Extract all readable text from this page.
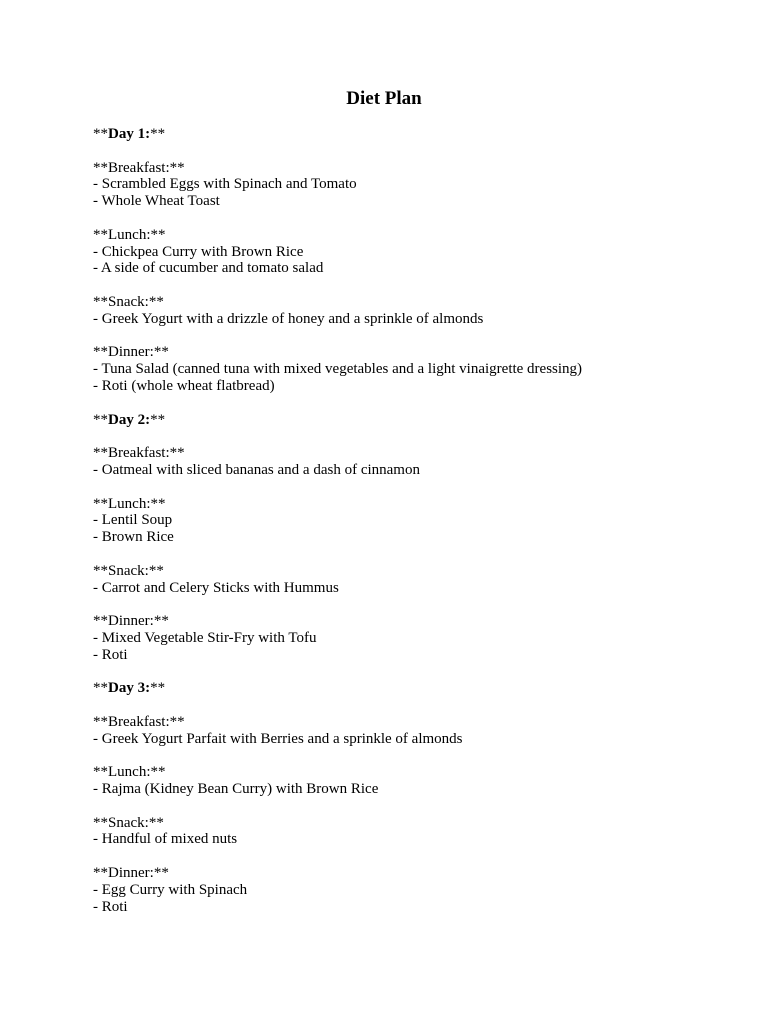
Diet Plan
**Day 1:**
**Breakfast:**
- Scrambled Eggs with Spinach and Tomato
- Whole Wheat Toast
**Lunch:**
- Chickpea Curry with Brown Rice
- A side of cucumber and tomato salad
**Snack:**
- Greek Yogurt with a drizzle of honey and a sprinkle of almonds
**Dinner:**
- Tuna Salad (canned tuna with mixed vegetables and a light vinaigrette dressing)
- Roti (whole wheat flatbread)
**Day 2:**
**Breakfast:**
- Oatmeal with sliced bananas and a dash of cinnamon
**Lunch:**
- Lentil Soup
- Brown Rice
**Snack:**
- Carrot and Celery Sticks with Hummus
**Dinner:**
- Mixed Vegetable Stir-Fry with Tofu
- Roti
**Day 3:**
**Breakfast:**
- Greek Yogurt Parfait with Berries and a sprinkle of almonds
**Lunch:**
- Rajma (Kidney Bean Curry) with Brown Rice
**Snack:**
- Handful of mixed nuts
**Dinner:**
- Egg Curry with Spinach
- Roti
